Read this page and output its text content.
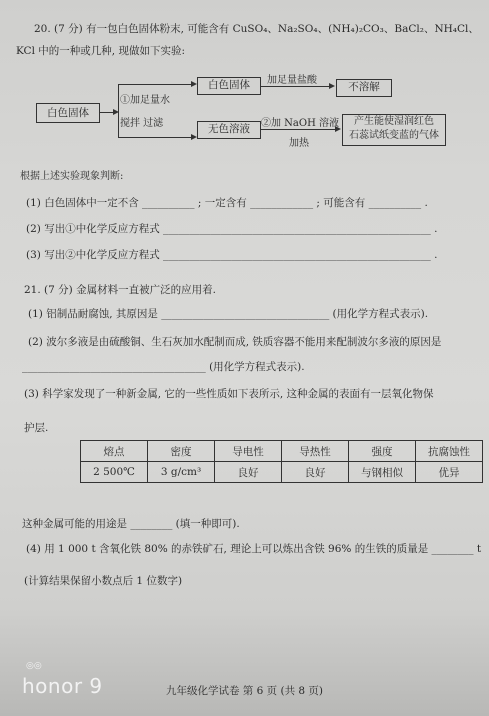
20. (7 分) 有一包白色固体粉末, 可能含有 CuSO₄、Na₂SO₄、(NH₄)₂CO₃、BaCl₂、NH₄Cl、
KCl 中的一种或几种, 现做如下实验:
白色固体
①加足量水
搅拌 过滤
白色固体	加足量盐酸
不溶解
无色溶液	②加 NaOH 溶液
加热
产生能使湿润红色
石蕊试纸变蓝的气体
根据上述实验现象判断:
(1) 白色固体中一定不含 __________ ; 一定含有 ____________ ; 可能含有 __________ .
(2) 写出①中化学反应方程式 ___________________________________________________ .
(3) 写出②中化学反应方程式 ___________________________________________________ .
21. (7 分) 金属材料一直被广泛的应用着.
(1) 铝制品耐腐蚀, 其原因是 ________________________________ (用化学方程式表示).
(2) 波尔多液是由硫酸铜、生石灰加水配制而成, 铁质容器不能用来配制波尔多液的原因是
___________________________________ (用化学方程式表示).
(3) 科学家发现了一种新金属, 它的一些性质如下表所示, 这种金属的表面有一层氧化物保
护层.
熔点	密度	导电性	导热性	强度	抗腐蚀性
2 500℃	3 g/cm³	良好	良好	与钢相似	优异
这种金属可能的用途是 ________ (填一种即可).
(4) 用 1 000 t 含氧化铁 80% 的赤铁矿石, 理论上可以炼出含铁 96% 的生铁的质量是 ________ t
(计算结果保留小数点后 1 位数字)
九年级化学试卷 第 6 页 (共 8 页)
◎◎
honor 9
